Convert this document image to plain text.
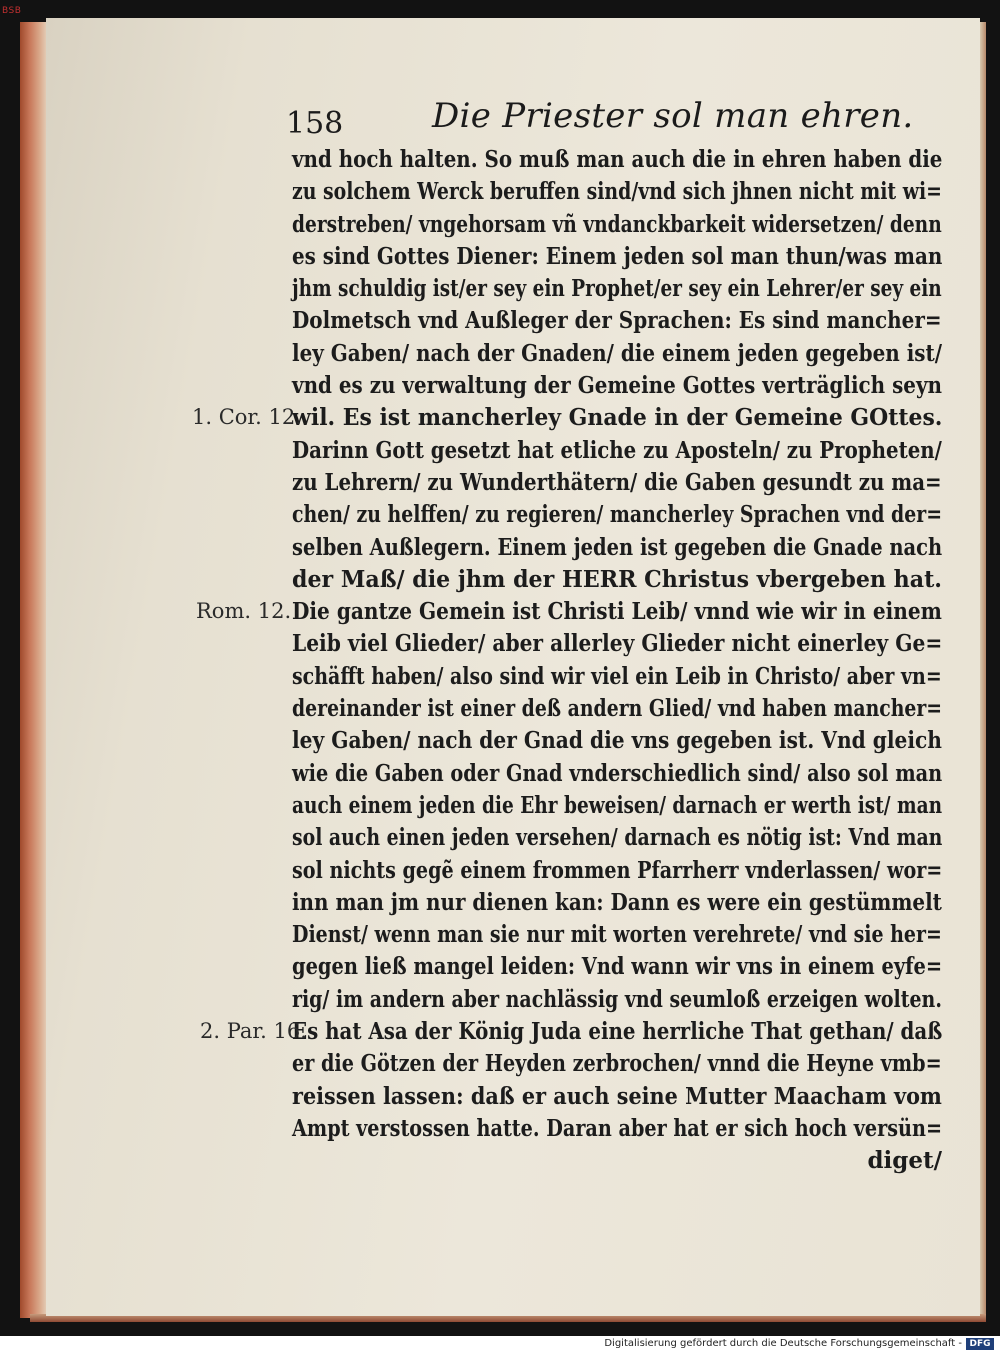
BSB
158	Die Priester sol man ehren.
vnd hoch halten. So muß man auch die in ehren haben die
zu solchem Werck beruffen sind/vnd sich jhnen nicht mit wi=
derstreben/ vngehorsam vñ vndanckbarkeit widersetzen/ denn
es sind Gottes Diener: Einem jeden sol man thun/was man
jhm schuldig ist/er sey ein Prophet/er sey ein Lehrer/er sey ein
Dolmetsch vnd Außleger der Sprachen: Es sind mancher=
ley Gaben/ nach der Gnaden/ die einem jeden gegeben ist/
vnd es zu verwaltung der Gemeine Gottes verträglich seyn
wil. Es ist mancherley Gnade in der Gemeine GOttes.
Darinn Gott gesetzt hat etliche zu Aposteln/ zu Propheten/
zu Lehrern/ zu Wunderthätern/ die Gaben gesundt zu ma=
chen/ zu helffen/ zu regieren/ mancherley Sprachen vnd der=
selben Außlegern. Einem jeden ist gegeben die Gnade nach
der Maß/ die jhm der HERR Christus vbergeben hat.
Die gantze Gemein ist Christi Leib/ vnnd wie wir in einem
Leib viel Glieder/ aber allerley Glieder nicht einerley Ge=
schäfft haben/ also sind wir viel ein Leib in Christo/ aber vn=
dereinander ist einer deß andern Glied/ vnd haben mancher=
ley Gaben/ nach der Gnad die vns gegeben ist. Vnd gleich
wie die Gaben oder Gnad vnderschiedlich sind/ also sol man
auch einem jeden die Ehr beweisen/ darnach er werth ist/ man
sol auch einen jeden versehen/ darnach es nötig ist: Vnd man
sol nichts gegẽ einem frommen Pfarrherr vnderlassen/ wor=
inn man jm nur dienen kan: Dann es were ein gestümmelt
Dienst/ wenn man sie nur mit worten verehrete/ vnd sie her=
gegen ließ mangel leiden: Vnd wann wir vns in einem eyfe=
rig/ im andern aber nachlässig vnd seumloß erzeigen wolten.
Es hat Asa der König Juda eine herrliche That gethan/ daß
er die Götzen der Heyden zerbrochen/ vnnd die Heyne vmb=
reissen lassen: daß er auch seine Mutter Maacham vom
Ampt verstossen hatte. Daran aber hat er sich hoch versün=
diget/
1. Cor. 12.
Rom. 12.
2. Par. 16.
Digitalisierung gefördert durch die Deutsche Forschungsgemeinschaft - DFG
